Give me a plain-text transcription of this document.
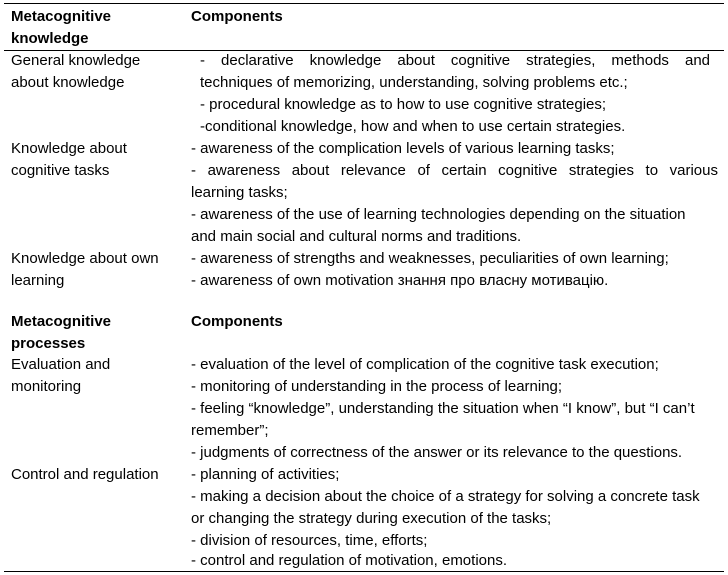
Metacognitive
knowledge
Components
General knowledge
about knowledge
- declarative knowledge about cognitive strategies, methods and
techniques of memorizing, understanding, solving problems etc.;
- procedural knowledge as to how to use cognitive strategies;
-conditional knowledge, how and when to use certain strategies.
Knowledge about
cognitive tasks
- awareness of the complication levels of various learning tasks;
- awareness about relevance of certain cognitive strategies to various
learning tasks;
- awareness of the use of learning technologies depending on the situation
and main social and cultural norms and traditions.
Knowledge about own
learning
- awareness of strengths and weaknesses, peculiarities of own learning;
- awareness of own motivation знання про власну мотивацію.
Metacognitive
processes
Components
Evaluation and
monitoring
- evaluation of the level of complication of the cognitive task execution;
- monitoring of understanding in the process of learning;
- feeling “knowledge”, understanding the situation when “I know”, but “I can’t
remember”;
- judgments of correctness of the answer or its relevance to the questions.
Control and regulation - planning of activities;
- making a decision about the choice of a strategy for solving a concrete task
or changing the strategy during execution of the tasks;
- division of resources, time, efforts;
- control and regulation of motivation, emotions.
